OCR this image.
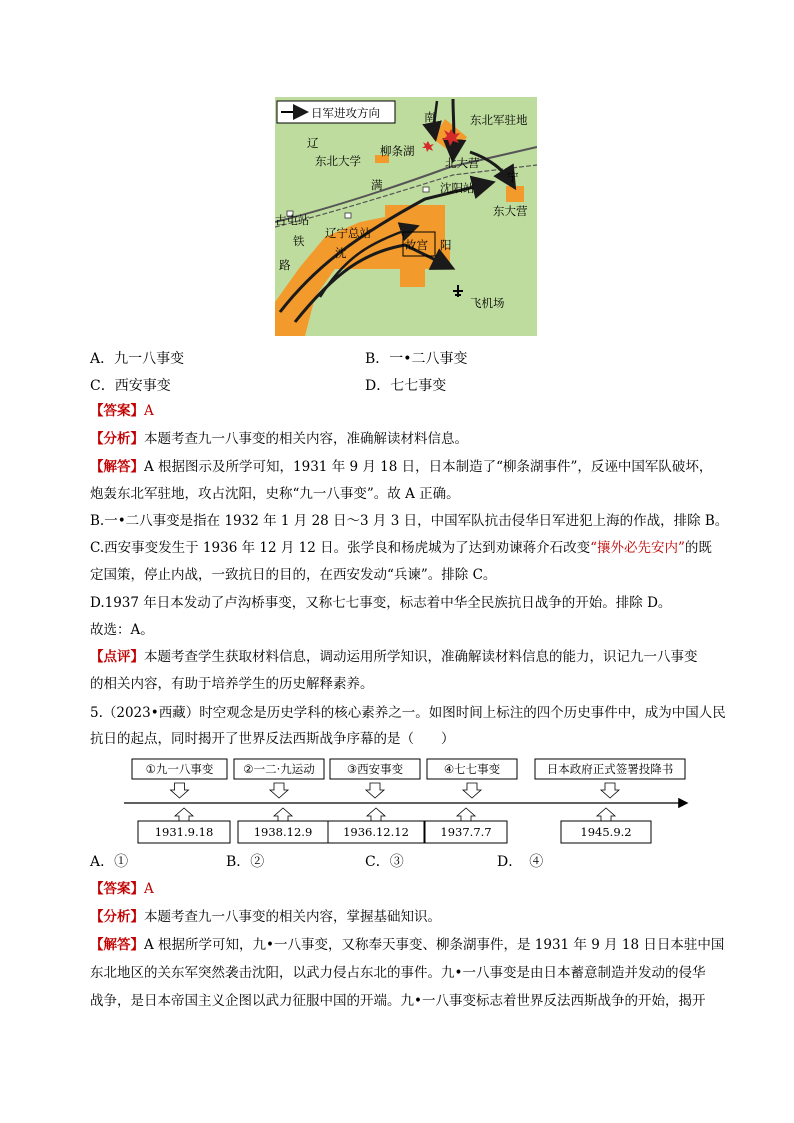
日军进攻方向	南	东北军驻地
辽
柳条湖
东北大学	北大营
满	沈阳站
宁
古屯站
铁
辽宁总站
沈
故宫 阳
东大营
路
飞机场
A．九一八事变	B．一•二八事变
C．西安事变	D．七七事变
【答案】A
【分析】本题考查九一八事变的相关内容，准确解读材料信息。
【解答】A 根据图示及所学可知，1931 年 9 月 18 日，日本制造了“柳条湖事件”，反诬中国军队破坏，
炮轰东北军驻地，攻占沈阳，史称“九一八事变”。故 A 正确。
B.一•二八事变是指在 1932 年 1 月 28 日～3 月 3 日，中国军队抗击侵华日军进犯上海的作战，排除 B。
C.西安事变发生于 1936 年 12 月 12 日。张学良和杨虎城为了达到劝谏蒋介石改变“攘外必先安内”的既
定国策，停止内战，一致抗日的目的，在西安发动“兵谏”。排除 C。
D.1937 年日本发动了卢沟桥事变，又称七七事变，标志着中华全民族抗日战争的开始。排除 D。
故选：A。
【点评】本题考查学生获取材料信息，调动运用所学知识，准确解读材料信息的能力，识记九一八事变
的相关内容，有助于培养学生的历史解释素养。
5.（2023•西藏）时空观念是历史学科的核心素养之一。如图时间上标注的四个历史事件中，成为中国人民
抗日的起点，同时揭开了世界反法西斯战争序幕的是（　　）
①九一八事变	②一二·九运动	③西安事变	④七七事变	日本政府正式签署投降书
1931.9.18	1938.12.9	1936.12.12	1937.7.7	1945.9.2
A．①	B．②	C．③	D．　④
【答案】A
【分析】本题考查九一八事变的相关内容，掌握基础知识。
【解答】A 根据所学可知，九•一八事变，又称奉天事变、柳条湖事件，是 1931 年 9 月 18 日日本驻中国
东北地区的关东军突然袭击沈阳，以武力侵占东北的事件。九•一八事变是由日本蓄意制造并发动的侵华
战争，是日本帝国主义企图以武力征服中国的开端。九•一八事变标志着世界反法西斯战争的开始，揭开
